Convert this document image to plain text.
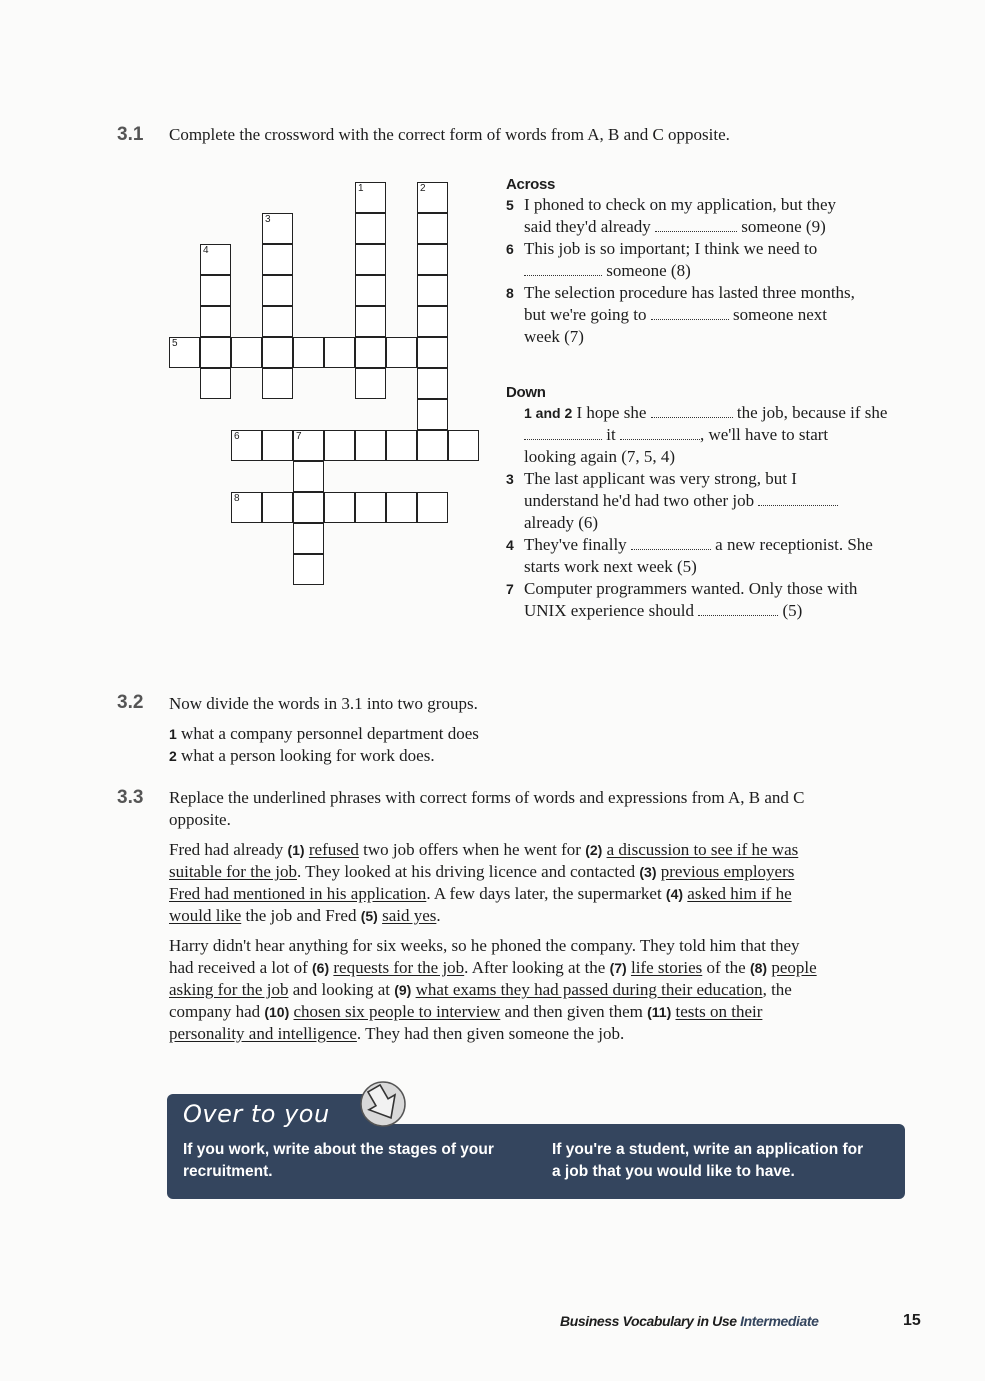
3.1 Complete the crossword with the correct form of words from A, B and C opposite.
1	2
3
4
5
6	7
8
Across
5 I phoned to check on my application, but they
said they'd already	someone (9)
6 This job is so important; I think we need to
someone (8)
8 The selection procedure has lasted three months,
but we're going to	someone next
week (7)
Down
1 and 2 I hope she	the job, because if she
it	, we'll have to start
looking again (7, 5, 4)
3 The last applicant was very strong, but I
understand he'd had two other job
already (6)
4 They've finally	a new receptionist. She
starts work next week (5)
7 Computer programmers wanted. Only those with
UNIX experience should	(5)
3.2 Now divide the words in 3.1 into two groups.
1 what a company personnel department does
2 what a person looking for work does.
3.3 Replace the underlined phrases with correct forms of words and expressions from A, B and C
opposite.
Fred had already (1) refused two job offers when he went for (2) a discussion to see if he was
suitable for the job. They looked at his driving licence and contacted (3) previous employers
Fred had mentioned in his application. A few days later, the supermarket (4) asked him if he
would like the job and Fred (5) said yes.
Harry didn't hear anything for six weeks, so he phoned the company. They told him that they
had received a lot of (6) requests for the job. After looking at the (7) life stories of the (8) people
asking for the job and looking at (9) what exams they had passed during their education, the
company had (10) chosen six people to interview and then given them (11) tests on their
personality and intelligence. They had then given someone the job.
Over to you
If you work, write about the stages of your
recruitment.
If you're a student, write an application for
a job that you would like to have.
Business Vocabulary in Use Intermediate	15
